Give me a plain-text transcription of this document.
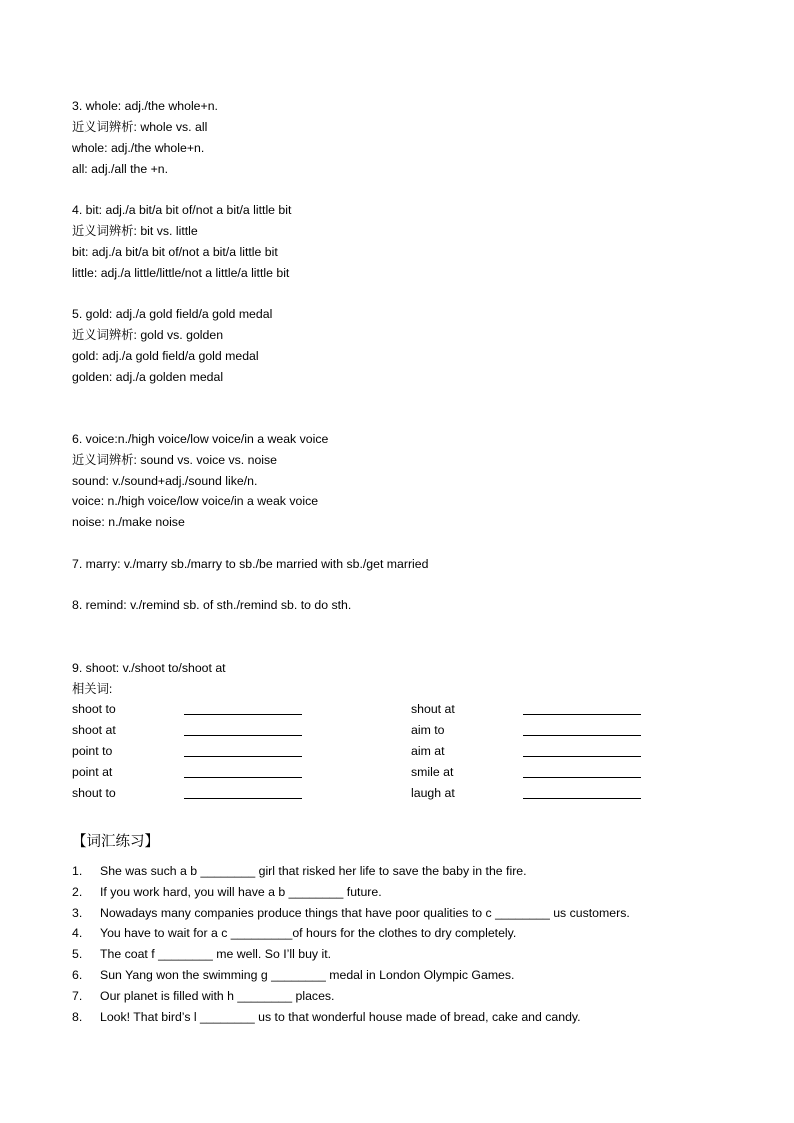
3. whole: adj./the whole+n.
近义词辨析: whole vs. all
whole: adj./the whole+n.
all: adj./all the +n.
4. bit: adj./a bit/a bit of/not a bit/a little bit
近义词辨析: bit vs. little
bit: adj./a bit/a bit of/not a bit/a little bit
little: adj./a little/little/not a little/a little bit
5. gold: adj./a gold field/a gold medal
近义词辨析: gold vs. golden
gold: adj./a gold field/a gold medal
golden: adj./a golden medal
6. voice:n./high voice/low voice/in a weak voice
近义词辨析: sound vs. voice vs. noise
sound: v./sound+adj./sound like/n.
voice: n./high voice/low voice/in a weak voice
noise: n./make noise
7. marry: v./marry sb./marry to sb./be married with sb./get married
8. remind: v./remind sb. of sth./remind sb. to do sth.
9. shoot: v./shoot to/shoot at
相关词:
shoot to	shout at
shoot at	aim to
point to	aim at
point at	smile at
shout to	laugh at
【词汇练习】
1. She was such a b ________ girl that risked her life to save the baby in the fire.
2. If you work hard, you will have a b ________ future.
3. Nowadays many companies produce things that have poor qualities to c ________ us customers.
4. You have to wait for a c _________of hours for the clothes to dry completely.
5. The coat f ________ me well. So I’ll buy it.
6. Sun Yang won the swimming g ________ medal in London Olympic Games.
7. Our planet is filled with h ________ places.
8. Look! That bird’s l ________ us to that wonderful house made of bread, cake and candy.
